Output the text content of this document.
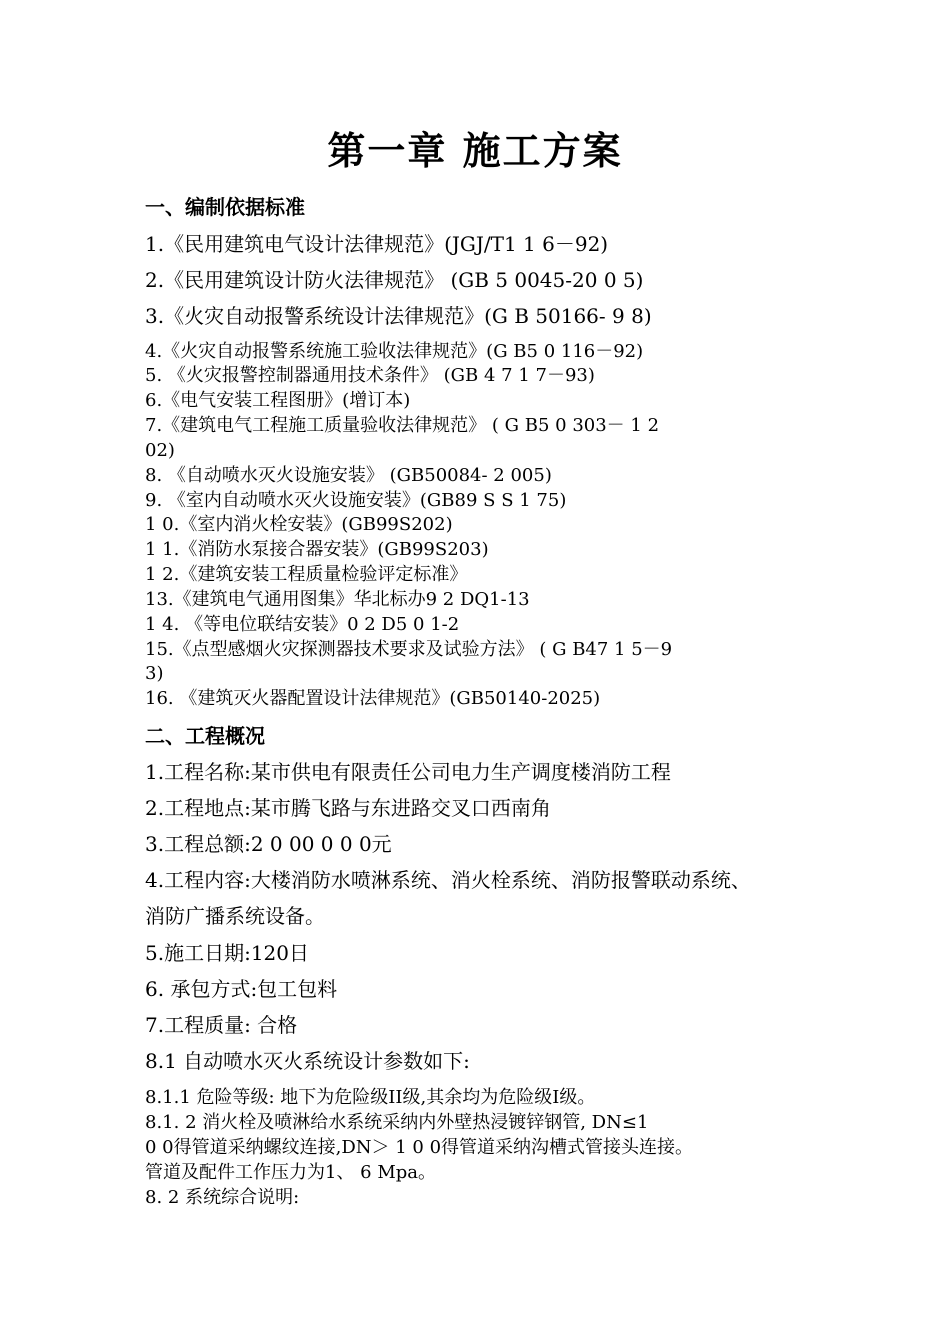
第一章 施工方案
一、编制依据标准
1.《民用建筑电气设计法律规范》(JGJ/T1 1 6－92)
2.《民用建筑设计防火法律规范》 (GB 5 0045-20 0 5)
3.《火灾自动报警系统设计法律规范》(G B 50166- 9 8)
4.《火灾自动报警系统施工验收法律规范》(G B5 0 116－92)
5. 《火灾报警控制器通用技术条件》 (GB 4 7 1 7－93)
6.《电气安装工程图册》(增订本)
7.《建筑电气工程施工质量验收法律规范》 ( G B5 0 303－ 1 2
02)
8. 《自动喷水灭火设施安装》 (GB50084- 2 005)
9. 《室内自动喷水灭火设施安装》(GB89 S S 1 75)
1 0.《室内消火栓安装》(GB99S202)
1 1.《消防水泵接合器安装》(GB99S203)
1 2.《建筑安装工程质量检验评定标准》
13.《建筑电气通用图集》华北标办9 2 DQ1-13
1 4. 《等电位联结安装》0 2 D5 0 1-2
15.《点型感烟火灾探测器技术要求及试验方法》 ( G B47 1 5－9
3)
16. 《建筑灭火器配置设计法律规范》(GB50140-2025)
二、工程概况
1.工程名称:某市供电有限责任公司电力生产调度楼消防工程
2.工程地点:某市腾飞路与东进路交叉口西南角
3.工程总额:2 0 00 0 0 0元
4.工程内容:大楼消防水喷淋系统、消火栓系统、消防报警联动系统、
消防广播系统设备。
5.施工日期:120日
6. 承包方式:包工包料
7.工程质量: 合格
8.1 自动喷水灭火系统设计参数如下:
8.1.1 危险等级: 地下为危险级II级,其余均为危险级Ⅰ级。
8.1. 2 消火栓及喷淋给水系统采纳内外壁热浸镀锌钢管, DN≤1
0 0得管道采纳螺纹连接,DN＞ 1 0 0得管道采纳沟槽式管接头连接。
管道及配件工作压力为1、 6 Mpa。
8. 2 系统综合说明:
